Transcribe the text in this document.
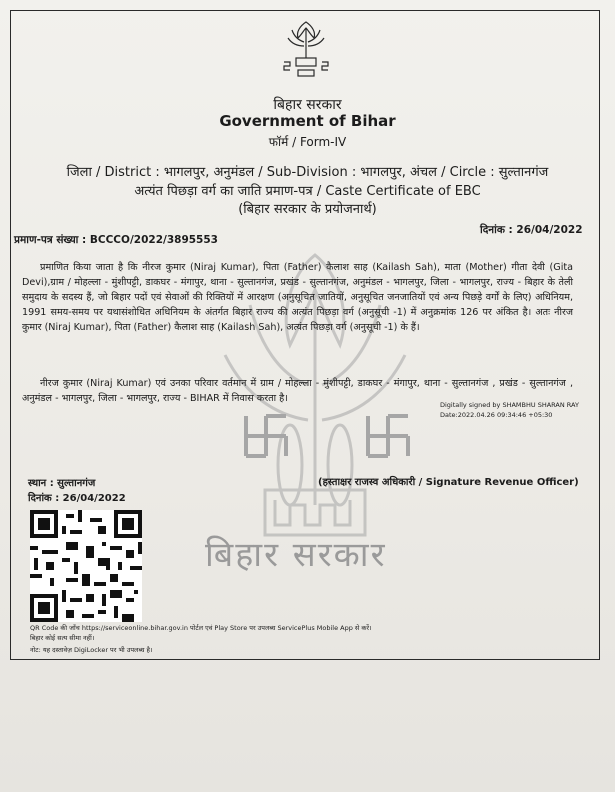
बिहार सरकार
Government of Bihar
फॉर्म / Form-IV
जिला / District : भागलपुर, अनुमंडल / Sub-Division : भागलपुर, अंचल / Circle : सुल्तानगंज
अत्यंत पिछड़ा वर्ग का जाति प्रमाण-पत्र / Caste Certificate of EBC
(बिहार सरकार के प्रयोजनार्थ)
दिनांक : 26/04/2022
प्रमाण-पत्र संख्या : BCCCO/2022/3895553
बिहार सरकार
प्रमाणित किया जाता है कि नीरज कुमार (Niraj Kumar), पिता (Father) कैलाश साह (Kailash Sah), माता (Mother) गीता देवी (Gita Devi),ग्राम / मोहल्ला - मुंशीपट्टी, डाकघर - मंगापुर, थाना - सुल्तानगंज, प्रखंड - सुल्तानगंज, अनुमंडल - भागलपुर, जिला - भागलपुर, राज्य - बिहार के तेली समुदाय के सदस्य हैं, जो बिहार पदों एवं सेवाओं की रिक्तियों में आरक्षण (अनुसूचित जातियों, अनुसूचित जनजातियों एवं अन्य पिछड़े वर्गों के लिए) अधिनियम, 1991 समय-समय पर यथासंशोधित अधिनियम के अंतर्गत बिहार राज्य की अत्यंत पिछड़ा वर्ग (अनुसूची -1) में अनुक्रमांक 126 पर अंकित है। अतः नीरज कुमार (Niraj Kumar), पिता (Father) कैलाश साह (Kailash Sah), अत्यंत पिछड़ा वर्ग (अनुसूची -1) के हैं।
नीरज कुमार (Niraj Kumar) एवं उनका परिवार वर्तमान में ग्राम / मोहल्ला - मुंशीपट्टी, डाकघर - मंगापुर, थाना - सुल्तानगंज , प्रखंड - सुल्तानगंज , अनुमंडल - भागलपुर, जिला - भागलपुर, राज्य - BIHAR में निवास करता है।
Digitally signed by SHAMBHU SHARAN RAY
Date:2022.04.26 09:34:46 +05:30
स्थान : सुल्तानगंज
दिनांक : 26/04/2022
(हस्ताक्षर राजस्व अधिकारी / Signature Revenue Officer)
QR Code की जाँच https://serviceonline.bihar.gov.in पोर्टल एवं Play Store पर उपलब्ध ServicePlus Mobile App से करें।
बिहार कोई सत्य सीमा नहीं।
नोट: यह दस्तावेज़ DigiLocker पर भी उपलब्ध है।
